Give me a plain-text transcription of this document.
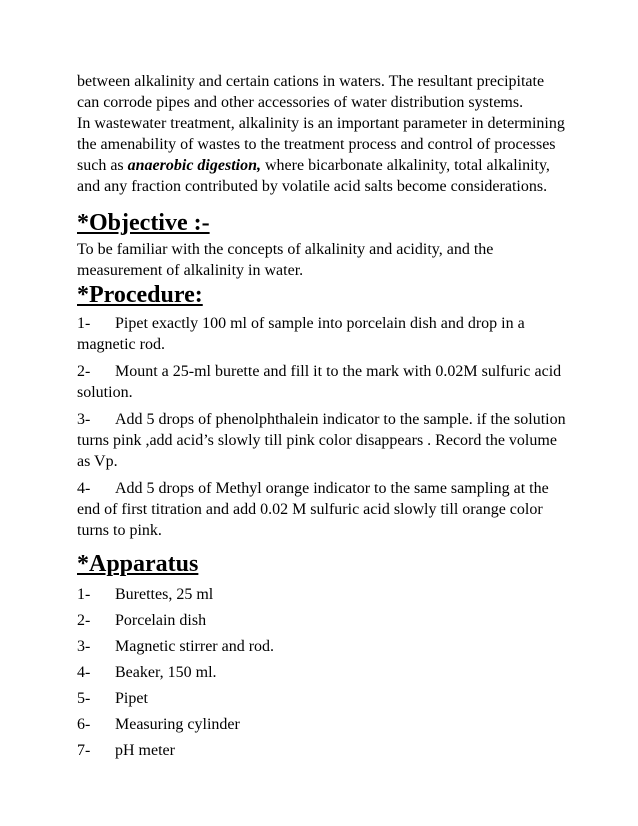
between alkalinity and certain cations in waters. The resultant precipitate can corrode pipes and other accessories of water distribution systems.

In wastewater treatment, alkalinity is an important parameter in determining the amenability of wastes to the treatment process and control of processes such as anaerobic digestion, where bicarbonate alkalinity, total alkalinity, and any fraction contributed by volatile acid salts become considerations.

*Objective :-

To be familiar with the concepts of alkalinity and acidity, and the measurement of alkalinity in water.

*Procedure:

1- Pipet exactly 100 ml of sample into porcelain dish and drop in a magnetic rod.

2- Mount a 25-ml burette and fill it to the mark with 0.02M sulfuric acid solution.

3- Add 5 drops of phenolphthalein indicator to the sample. if the solution turns pink ,add acid’s slowly till pink color disappears . Record the volume as Vp.

4- Add 5 drops of Methyl orange indicator to the same sampling at the end of first titration and add 0.02 M sulfuric acid slowly till orange color turns to pink.

*Apparatus

1- Burettes, 25 ml

2- Porcelain dish

3- Magnetic stirrer and rod.

4- Beaker, 150 ml.

5- Pipet

6- Measuring cylinder

7- pH meter
